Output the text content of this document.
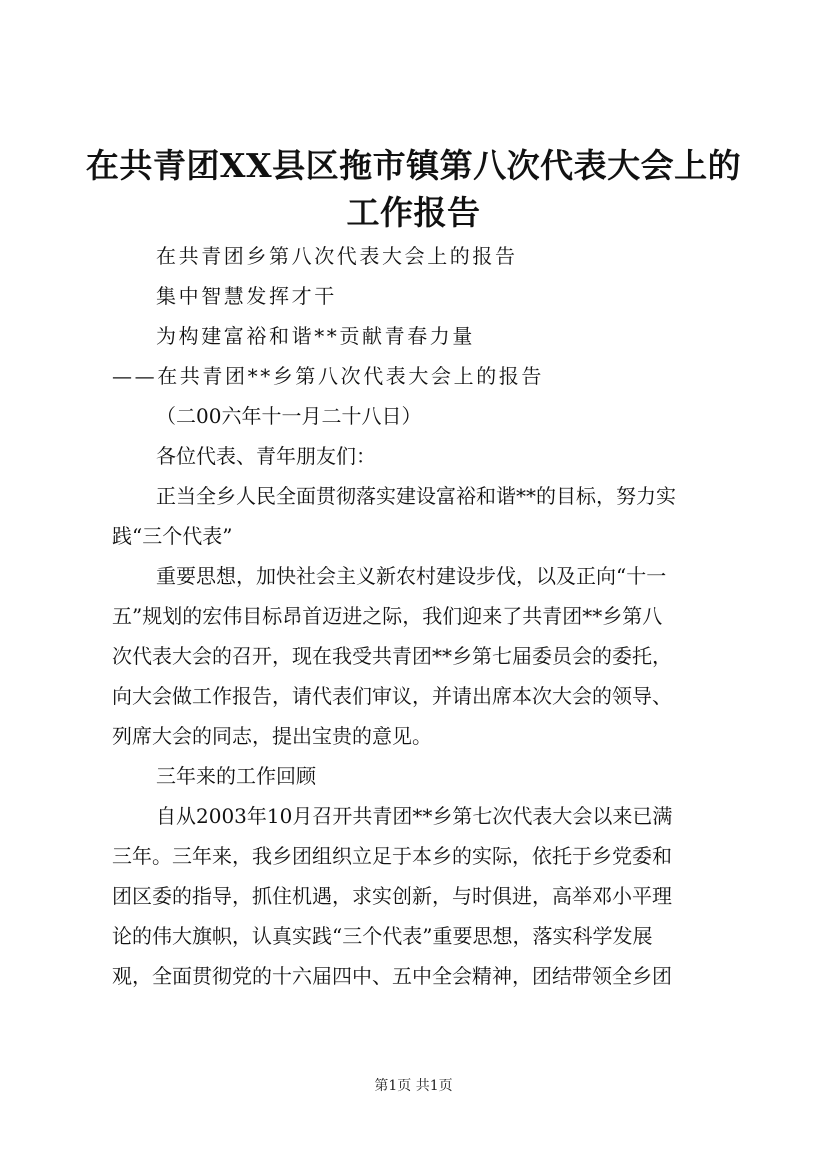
在共青团XX县区拖市镇第八次代表大会上的
工作报告
在共青团乡第八次代表大会上的报告
集中智慧发挥才干
为构建富裕和谐**贡献青春力量
——在共青团**乡第八次代表大会上的报告
（二00六年十一月二十八日）
各位代表、青年朋友们：
正当全乡人民全面贯彻落实建设富裕和谐**的目标，努力实
践“三个代表”
重要思想，加快社会主义新农村建设步伐，以及正向“十一
五”规划的宏伟目标昂首迈进之际，我们迎来了共青团**乡第八
次代表大会的召开，现在我受共青团**乡第七届委员会的委托，
向大会做工作报告，请代表们审议，并请出席本次大会的领导、
列席大会的同志，提出宝贵的意见。
三年来的工作回顾
自从2003年10月召开共青团**乡第七次代表大会以来已满
三年。三年来，我乡团组织立足于本乡的实际，依托于乡党委和
团区委的指导，抓住机遇，求实创新，与时俱进，高举邓小平理
论的伟大旗帜，认真实践“三个代表”重要思想，落实科学发展
观，全面贯彻党的十六届四中、五中全会精神，团结带领全乡团
第1页 共1页
